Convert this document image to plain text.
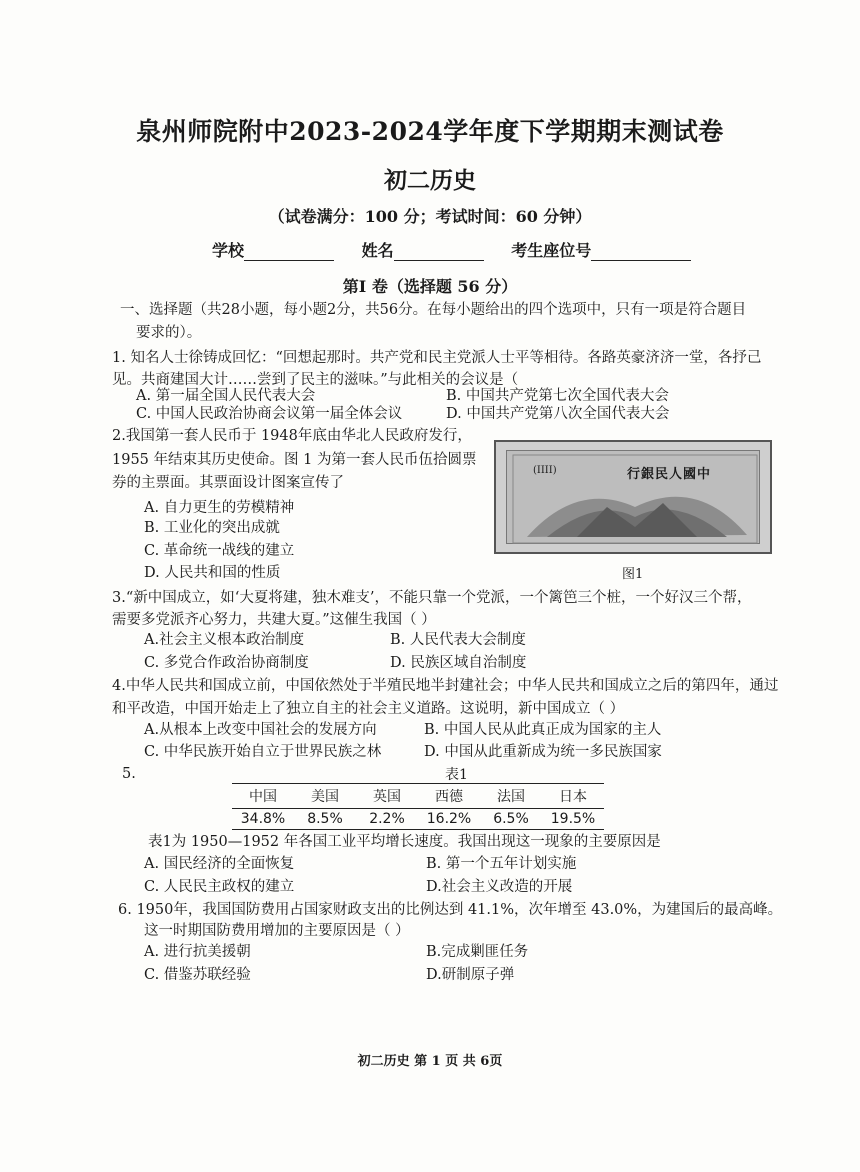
泉州师院附中2023-2024学年度下学期期末测试卷
初二历史
（试卷满分：100 分；考试时间：60 分钟）
学校	姓名	考生座位号
第Ⅰ 卷（选择题 56 分）
一、选择题（共28小题，每小题2分，共56分。在每小题给出的四个选项中，只有一项是符合题目
要求的）。
1. 知名人士徐铸成回忆：“回想起那时。共产党和民主党派人士平等相待。各路英豪济济一堂，各抒己
见。共商建国大计……尝到了民主的滋味。”与此相关的会议是（
A. 第一届全国人民代表大会	B. 中国共产党第七次全国代表大会
C. 中国人民政治协商会议第一届全体会议	D. 中国共产党第八次全国代表大会
2.我国第一套人民币于 1948年底由华北人民政府发行，
1955 年结束其历史使命。图 1 为第一套人民币伍拾圆票
券的主票面。其票面设计图案宣传了
A. 自力更生的劳模精神
B. 工业化的突出成就
C. 革命统一战线的建立
D. 人民共和国的性质
(IIII)	行銀民人國中
图1
3.“新中国成立，如‘大夏将建，独木难支’，不能只靠一个党派，一个篱笆三个桩，一个好汉三个帮，
需要多党派齐心努力，共建大夏。”这催生我国（ ）
A.社会主义根本政治制度	B. 人民代表大会制度
C. 多党合作政治协商制度	D. 民族区域自治制度
4.中华人民共和国成立前，中国依然处于半殖民地半封建社会；中华人民共和国成立之后的第四年，通过
和平改造，中国开始走上了独立自主的社会主义道路。这说明，新中国成立（ ）
A.从根本上改变中国社会的发展方向	B. 中国人民从此真正成为国家的主人
C. 中华民族开始自立于世界民族之林	D. 中国从此重新成为统一多民族国家
5.	表1
中国	美国	英国	西德	法国	日本
34.8%	8.5%	2.2%	16.2%	6.5%	19.5%
表1为 1950—1952 年各国工业平均增长速度。我国出现这一现象的主要原因是
A. 国民经济的全面恢复	B. 第一个五年计划实施
C. 人民民主政权的建立	D.社会主义改造的开展
6. 1950年，我国国防费用占国家财政支出的比例达到 41.1%，次年增至 43.0%，为建国后的最高峰。
这一时期国防费用增加的主要原因是（ ）
A. 进行抗美援朝	B.完成剿匪任务
C. 借鉴苏联经验	D.研制原子弹
初二历史 第 1 页 共 6页
